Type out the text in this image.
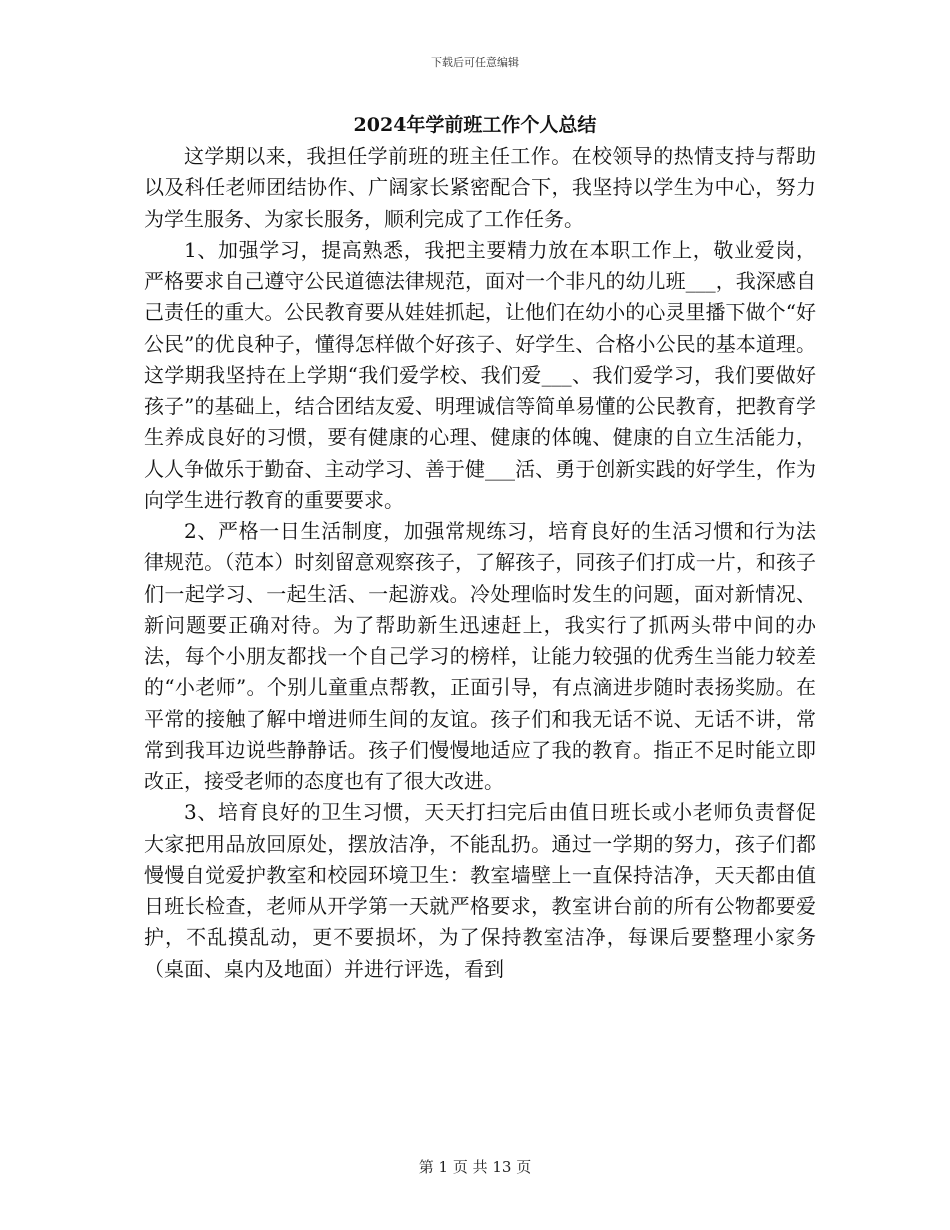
下载后可任意编辑
2024年学前班工作个人总结

这学期以来，我担任学前班的班主任工作。在校领导的热情支持与帮助以及科任老师团结协作、广阔家长紧密配合下，我坚持以学生为中心，努力为学生服务、为家长服务，顺利完成了工作任务。

1、加强学习，提高熟悉，我把主要精力放在本职工作上，敬业爱岗，严格要求自己遵守公民道德法律规范，面对一个非凡的幼儿班___，我深感自己责任的重大。公民教育要从娃娃抓起，让他们在幼小的心灵里播下做个“好公民”的优良种子，懂得怎样做个好孩子、好学生、合格小公民的基本道理。这学期我坚持在上学期“我们爱学校、我们爱___、我们爱学习，我们要做好孩子”的基础上，结合团结友爱、明理诚信等简单易懂的公民教育，把教育学生养成良好的习惯，要有健康的心理、健康的体魄、健康的自立生活能力，人人争做乐于勤奋、主动学习、善于健___活、勇于创新实践的好学生，作为向学生进行教育的重要要求。

2、严格一日生活制度，加强常规练习，培育良好的生活习惯和行为法律规范。（范本）时刻留意观察孩子，了解孩子，同孩子们打成一片，和孩子们一起学习、一起生活、一起游戏。冷处理临时发生的问题，面对新情况、新问题要正确对待。为了帮助新生迅速赶上，我实行了抓两头带中间的办法，每个小朋友都找一个自己学习的榜样，让能力较强的优秀生当能力较差的“小老师”。个别儿童重点帮教，正面引导，有点滴进步随时表扬奖励。在平常的接触了解中增进师生间的友谊。孩子们和我无话不说、无话不讲，常常到我耳边说些静静话。孩子们慢慢地适应了我的教育。指正不足时能立即改正，接受老师的态度也有了很大改进。

3、培育良好的卫生习惯，天天打扫完后由值日班长或小老师负责督促大家把用品放回原处，摆放洁净，不能乱扔。通过一学期的努力，孩子们都慢慢自觉爱护教室和校园环境卫生：教室墙壁上一直保持洁净，天天都由值日班长检查，老师从开学第一天就严格要求，教室讲台前的所有公物都要爱护，不乱摸乱动，更不要损坏，为了保持教室洁净，每课后要整理小家务（桌面、桌内及地面）并进行评选，看到

第 1 页 共 13 页
